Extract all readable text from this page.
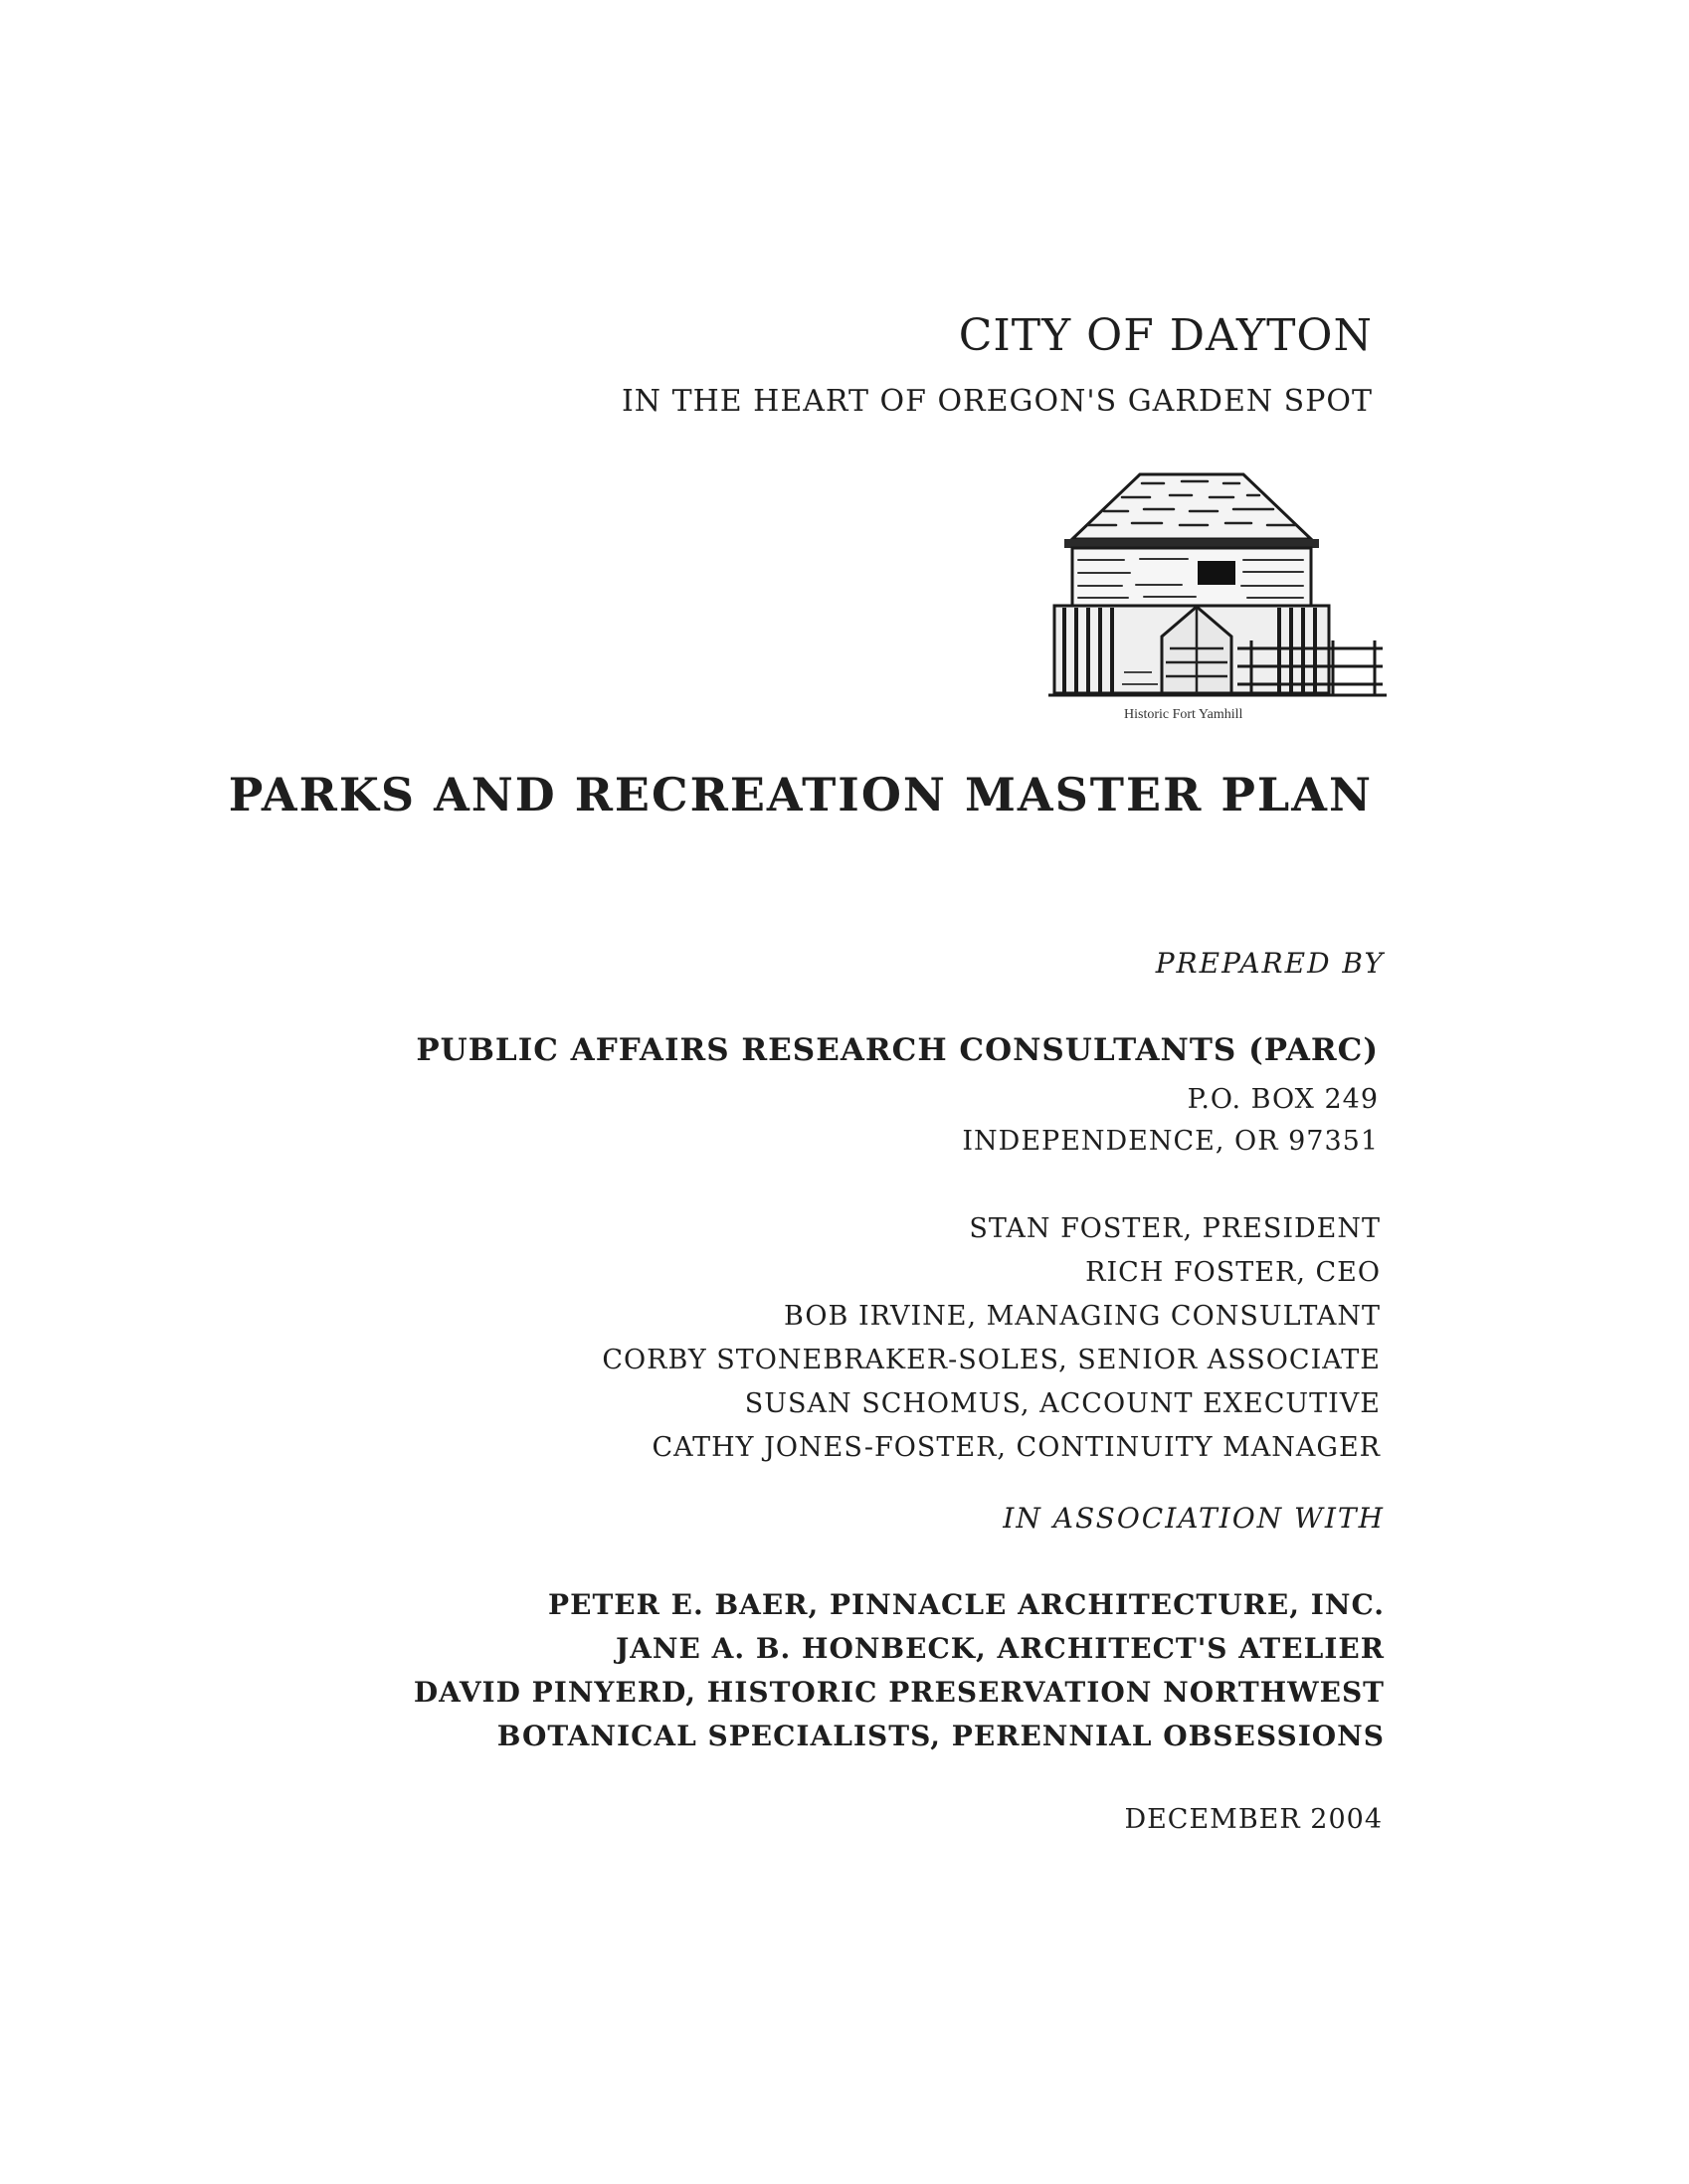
CITY OF DAYTON
IN THE HEART OF OREGON'S GARDEN SPOT
Historic Fort Yamhill
PARKS AND RECREATION MASTER PLAN
PREPARED BY
PUBLIC AFFAIRS RESEARCH CONSULTANTS (PARC)
P.O. BOX 249
INDEPENDENCE, OR 97351
STAN FOSTER, PRESIDENT
RICH FOSTER, CEO
BOB IRVINE, MANAGING CONSULTANT
CORBY STONEBRAKER-SOLES, SENIOR ASSOCIATE
SUSAN SCHOMUS, ACCOUNT EXECUTIVE
CATHY JONES-FOSTER, CONTINUITY MANAGER
IN ASSOCIATION WITH
PETER E. BAER, PINNACLE ARCHITECTURE, INC.
JANE A. B. HONBECK, ARCHITECT'S ATELIER
DAVID PINYERD, HISTORIC PRESERVATION NORTHWEST
BOTANICAL SPECIALISTS, PERENNIAL OBSESSIONS
DECEMBER 2004
